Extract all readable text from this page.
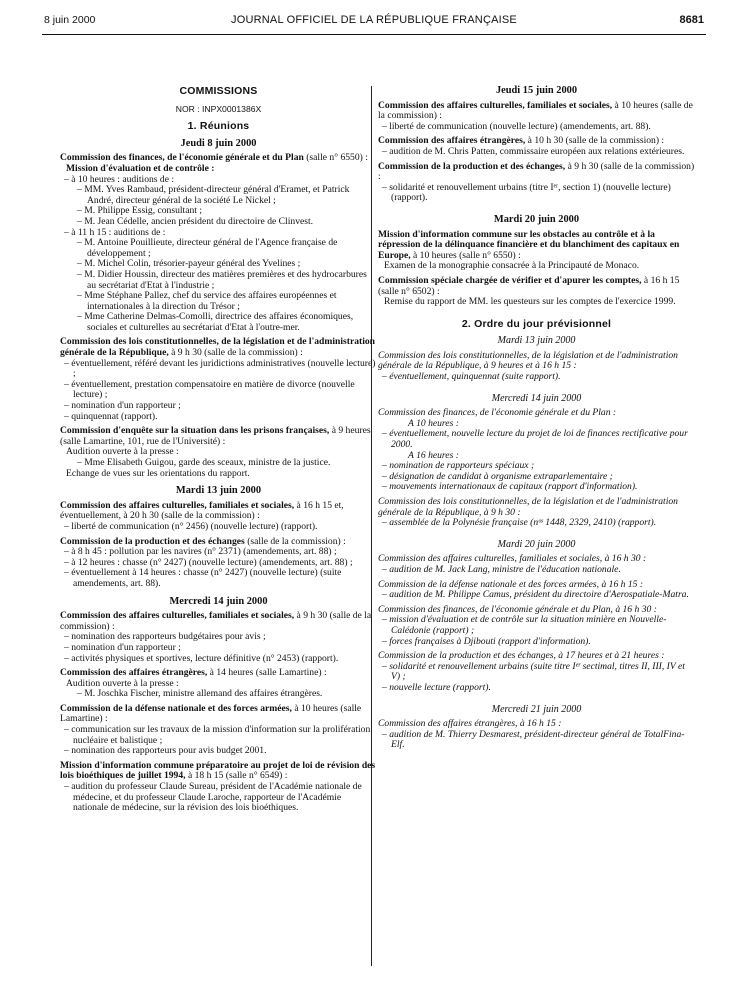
8 juin 2000	JOURNAL OFFICIEL DE LA RÉPUBLIQUE FRANÇAISE	8681

COMMISSIONS

NOR : INPX0001386X

1. Réunions

Jeudi 8 juin 2000

Commission des finances, de l'économie générale et du Plan (salle n° 6550) :

Mission d'évaluation et de contrôle :

– à 10 heures : auditions de :

– MM. Yves Rambaud, président-directeur général d'Eramet, et Patrick André, directeur général de la société Le Nickel ;

– M. Philippe Essig, consultant ;

– M. Jean Cédelle, ancien président du directoire de Clinvest.

– à 11 h 15 : auditions de :

– M. Antoine Pouillieute, directeur général de l'Agence française de développement ;

– M. Michel Colin, trésorier-payeur général des Yvelines ;

– M. Didier Houssin, directeur des matières premières et des hydrocarbures au secrétariat d'Etat à l'industrie ;

– Mme Stéphane Pallez, chef du service des affaires européennes et internationales à la direction du Trésor ;

– Mme Catherine Delmas-Comolli, directrice des affaires économiques, sociales et culturelles au secrétariat d'Etat à l'outre-mer.

Commission des lois constitutionnelles, de la législation et de l'administration générale de la République, à 9 h 30 (salle de la commission) :

– éventuellement, référé devant les juridictions administratives (nouvelle lecture) ;

– éventuellement, prestation compensatoire en matière de divorce (nouvelle lecture) ;

– nomination d'un rapporteur ;

– quinquennat (rapport).

Commission d'enquête sur la situation dans les prisons françaises, à 9 heures (salle Lamartine, 101, rue de l'Université) :

Audition ouverte à la presse :

– Mme Elisabeth Guigou, garde des sceaux, ministre de la justice.

Echange de vues sur les orientations du rapport.

Mardi 13 juin 2000

Commission des affaires culturelles, familiales et sociales, à 16 h 15 et, éventuellement, à 20 h 30 (salle de la commission) :

– liberté de communication (n° 2456) (nouvelle lecture) (rapport).

Commission de la production et des échanges (salle de la commission) :

– à 8 h 45 : pollution par les navires (n° 2371) (amendements, art. 88) ;

– à 12 heures : chasse (n° 2427) (nouvelle lecture) (amendements, art. 88) ;

– éventuellement à 14 heures : chasse (n° 2427) (nouvelle lecture) (suite amendements, art. 88).

Mercredi 14 juin 2000

Commission des affaires culturelles, familiales et sociales, à 9 h 30 (salle de la commission) :

– nomination des rapporteurs budgétaires pour avis ;

– nomination d'un rapporteur ;

– activités physiques et sportives, lecture définitive (n° 2453) (rapport).

Commission des affaires étrangères, à 14 heures (salle Lamartine) :

Audition ouverte à la presse :

– M. Joschka Fischer, ministre allemand des affaires étrangères.

Commission de la défense nationale et des forces armées, à 10 heures (salle Lamartine) :

– communication sur les travaux de la mission d'information sur la prolifération nucléaire et balistique ;

– nomination des rapporteurs pour avis budget 2001.

Mission d'information commune préparatoire au projet de loi de révision des lois bioéthiques de juillet 1994, à 18 h 15 (salle n° 6549) :

– audition du professeur Claude Sureau, président de l'Académie nationale de médecine, et du professeur Claude Laroche, rapporteur de l'Académie nationale de médecine, sur la révision des lois bioéthiques.

Jeudi 15 juin 2000

Commission des affaires culturelles, familiales et sociales, à 10 heures (salle de la commission) :

– liberté de communication (nouvelle lecture) (amendements, art. 88).

Commission des affaires étrangères, à 10 h 30 (salle de la commission) :

– audition de M. Chris Patten, commissaire européen aux relations extérieures.

Commission de la production et des échanges, à 9 h 30 (salle de la commission) :

– solidarité et renouvellement urbains (titre Iᵉʳ, section 1) (nouvelle lecture) (rapport).

Mardi 20 juin 2000

Mission d'information commune sur les obstacles au contrôle et à la répression de la délinquance financière et du blanchiment des capitaux en Europe, à 10 heures (salle n° 6550) :

Examen de la monographie consacrée à la Principauté de Monaco.

Commission spéciale chargée de vérifier et d'apurer les comptes, à 16 h 15 (salle n° 6502) :

Remise du rapport de MM. les questeurs sur les comptes de l'exercice 1999.

2. Ordre du jour prévisionnel

Mardi 13 juin 2000

Commission des lois constitutionnelles, de la législation et de l'administration générale de la République, à 9 heures et à 16 h 15 :

– éventuellement, quinquennat (suite rapport).

Mercredi 14 juin 2000

Commission des finances, de l'économie générale et du Plan :

A 10 heures :

– éventuellement, nouvelle lecture du projet de loi de finances rectificative pour 2000.

A 16 heures :

– nomination de rapporteurs spéciaux ;

– désignation de candidat à organisme extraparlementaire ;

– mouvements internationaux de capitaux (rapport d'information).

Commission des lois constitutionnelles, de la législation et de l'administration générale de la République, à 9 h 30 :

– assemblée de la Polynésie française (nᵒˢ 1448, 2329, 2410) (rapport).

Mardi 20 juin 2000

Commission des affaires culturelles, familiales et sociales, à 16 h 30 :

– audition de M. Jack Lang, ministre de l'éducation nationale.

Commission de la défense nationale et des forces armées, à 16 h 15 :

– audition de M. Philippe Camus, président du directoire d'Aerospatiale-Matra.

Commission des finances, de l'économie générale et du Plan, à 16 h 30 :

– mission d'évaluation et de contrôle sur la situation minière en Nouvelle-Calédonie (rapport) ;

– forces françaises à Djibouti (rapport d'information).

Commission de la production et des échanges, à 17 heures et à 21 heures :

– solidarité et renouvellement urbains (suite titre Iᵉʳ sectimal, titres II, III, IV et V) ;

– nouvelle lecture (rapport).

Mercredi 21 juin 2000

Commission des affaires étrangères, à 16 h 15 :

– audition de M. Thierry Desmarest, président-directeur général de TotalFina-Elf.
